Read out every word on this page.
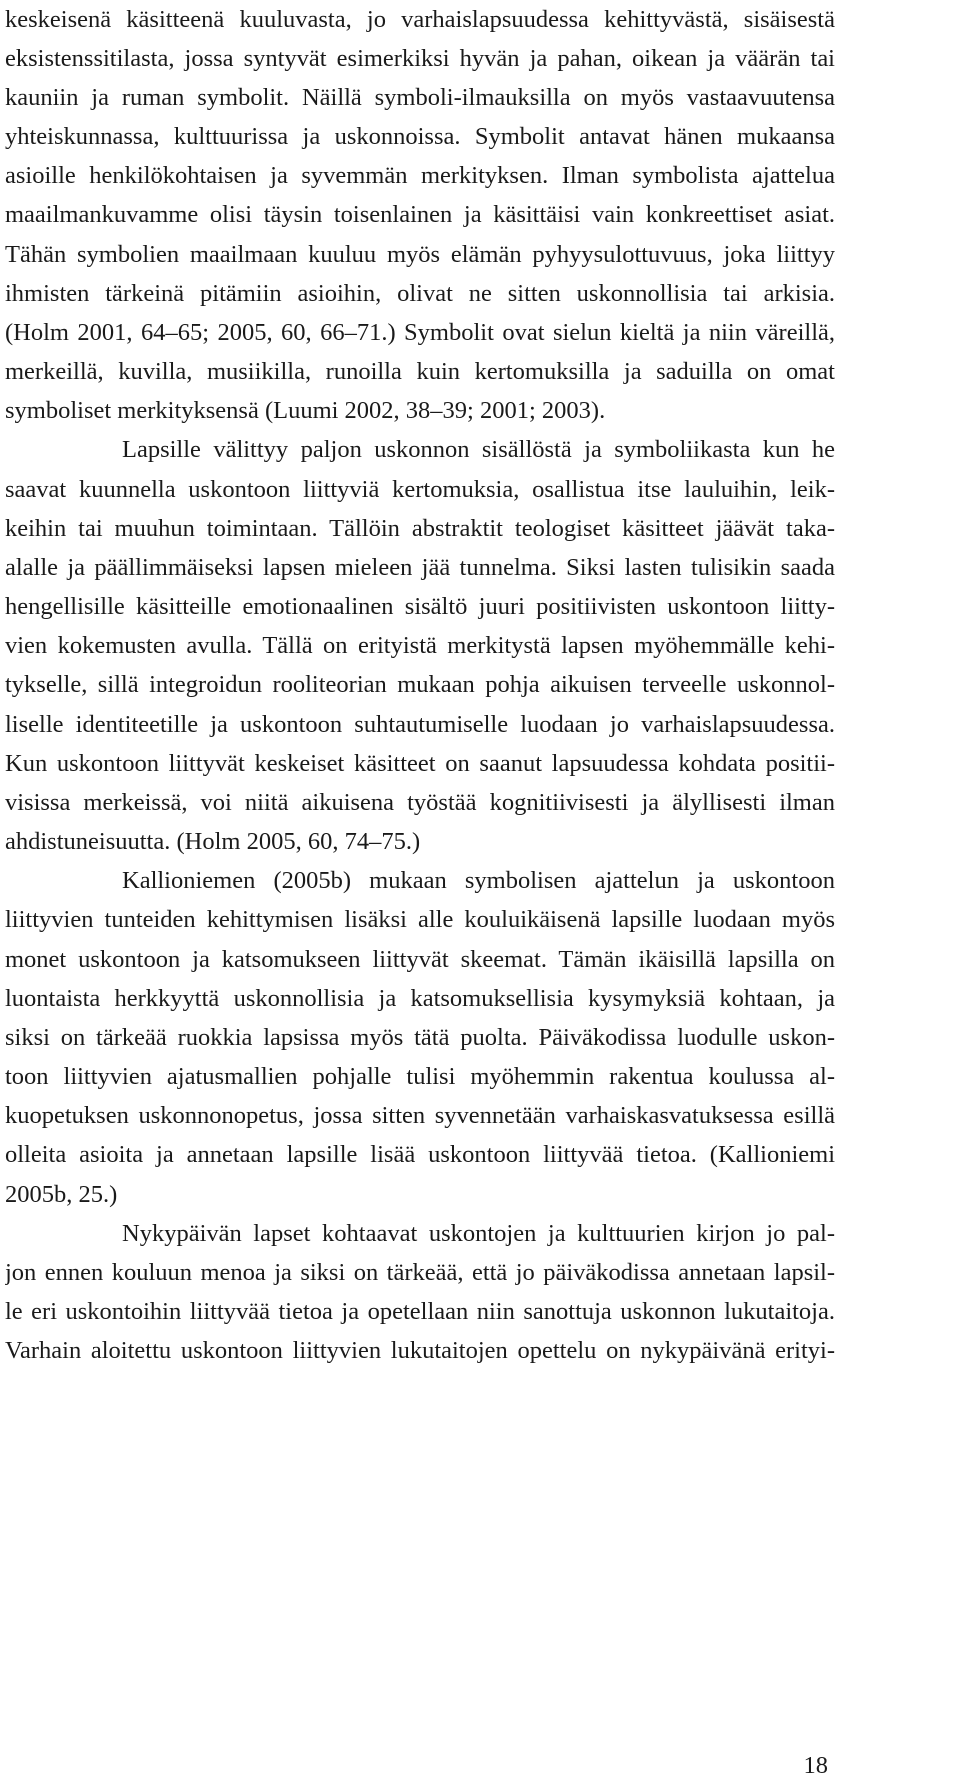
keskeisenä käsitteenä kuuluvasta, jo varhaislapsuudessa kehittyvästä, sisäisestä
eksistenssitilasta, jossa syntyvät esimerkiksi hyvän ja pahan, oikean ja väärän tai
kauniin ja ruman symbolit. Näillä symboli-ilmauksilla on myös vastaavuutensa
yhteiskunnassa, kulttuurissa ja uskonnoissa. Symbolit antavat hänen mukaansa
asioille henkilökohtaisen ja syvemmän merkityksen. Ilman symbolista ajattelua
maailmankuvamme olisi täysin toisenlainen ja käsittäisi vain konkreettiset asiat.
Tähän symbolien maailmaan kuuluu myös elämän pyhyysulottuvuus, joka liittyy
ihmisten tärkeinä pitämiin asioihin, olivat ne sitten uskonnollisia tai arkisia.
(Holm 2001, 64–65; 2005, 60, 66–71.) Symbolit ovat sielun kieltä ja niin väreillä,
merkeillä, kuvilla, musiikilla, runoilla kuin kertomuksilla ja saduilla on omat
symboliset merkityksensä (Luumi 2002, 38–39; 2001; 2003).
Lapsille välittyy paljon uskonnon sisällöstä ja symboliikasta kun he
saavat kuunnella uskontoon liittyviä kertomuksia, osallistua itse lauluihin, leik-
keihin tai muuhun toimintaan. Tällöin abstraktit teologiset käsitteet jäävät taka-
alalle ja päällimmäiseksi lapsen mieleen jää tunnelma. Siksi lasten tulisikin saada
hengellisille käsitteille emotionaalinen sisältö juuri positiivisten uskontoon liitty-
vien kokemusten avulla. Tällä on erityistä merkitystä lapsen myöhemmälle kehi-
tykselle, sillä integroidun rooliteorian mukaan pohja aikuisen terveelle uskonnol-
liselle identiteetille ja uskontoon suhtautumiselle luodaan jo varhaislapsuudessa.
Kun uskontoon liittyvät keskeiset käsitteet on saanut lapsuudessa kohdata positii-
visissa merkeissä, voi niitä aikuisena työstää kognitiivisesti ja älyllisesti ilman
ahdistuneisuutta. (Holm 2005, 60, 74–75.)
Kallioniemen (2005b) mukaan symbolisen ajattelun ja uskontoon
liittyvien tunteiden kehittymisen lisäksi alle kouluikäisenä lapsille luodaan myös
monet uskontoon ja katsomukseen liittyvät skeemat. Tämän ikäisillä lapsilla on
luontaista herkkyyttä uskonnollisia ja katsomuksellisia kysymyksiä kohtaan, ja
siksi on tärkeää ruokkia lapsissa myös tätä puolta. Päiväkodissa luodulle uskon-
toon liittyvien ajatusmallien pohjalle tulisi myöhemmin rakentua koulussa al-
kuopetuksen uskonnonopetus, jossa sitten syvennetään varhaiskasvatuksessa esillä
olleita asioita ja annetaan lapsille lisää uskontoon liittyvää tietoa. (Kallioniemi
2005b, 25.)
Nykypäivän lapset kohtaavat uskontojen ja kulttuurien kirjon jo pal-
jon ennen kouluun menoa ja siksi on tärkeää, että jo päiväkodissa annetaan lapsil-
le eri uskontoihin liittyvää tietoa ja opetellaan niin sanottuja uskonnon lukutaitoja.
Varhain aloitettu uskontoon liittyvien lukutaitojen opettelu on nykypäivänä erityi-
18
